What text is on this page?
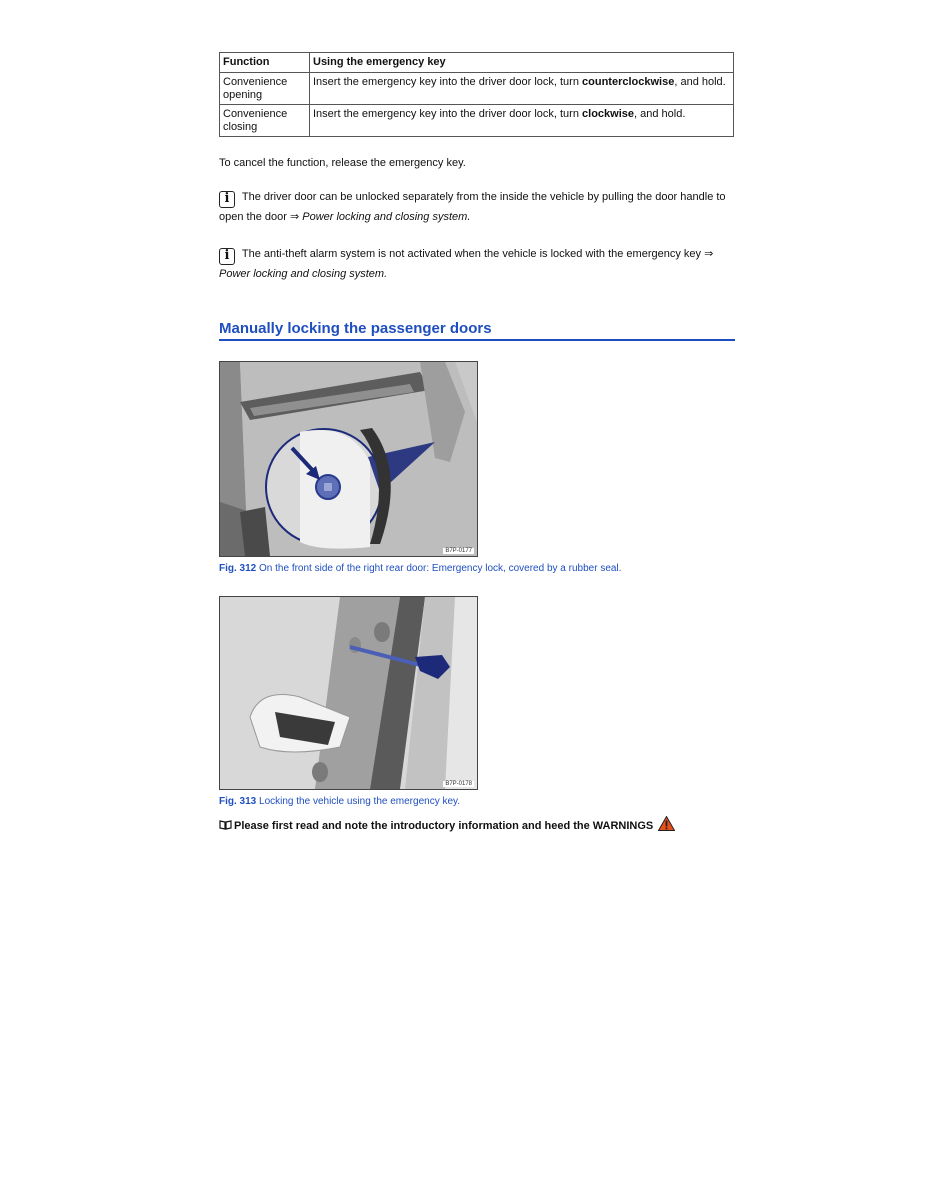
Function	Using the emergency key
Convenience opening	Insert the emergency key into the driver door lock, turn counterclockwise, and hold.
Convenience closing	Insert the emergency key into the driver door lock, turn clockwise, and hold.
To cancel the function, release the emergency key.
i The driver door can be unlocked separately from the inside the vehicle by pulling the door handle to open the door ⇒ Power locking and closing system.
i The anti-theft alarm system is not activated when the vehicle is locked with the emergency key ⇒ Power locking and closing system.
Manually locking the passenger doors
B7P-0177
Fig. 312 On the front side of the right rear door: Emergency lock, covered by a rubber seal.
B7P-0178
Fig. 313 Locking the vehicle using the emergency key.
Please first read and note the introductory information and heed the WARNINGS
